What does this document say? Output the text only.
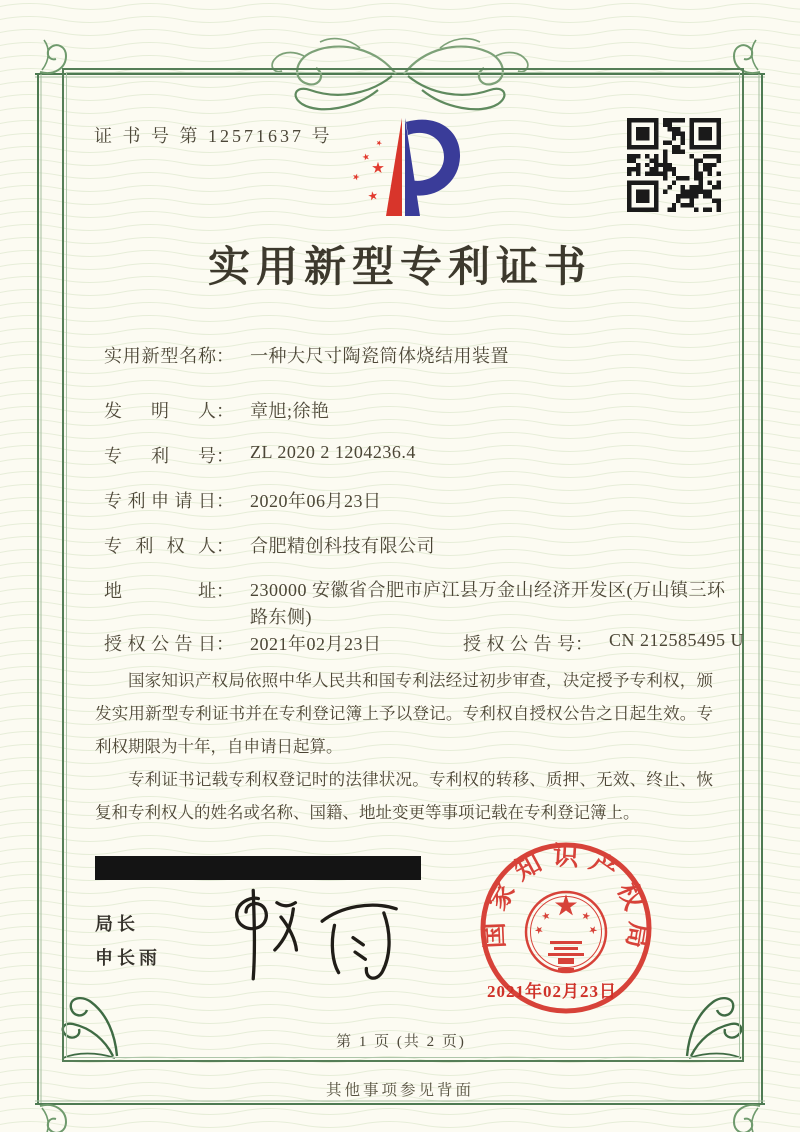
证 书 号 第 12571637 号
实用新型专利证书
实用新型名称 ： 一种大尺寸陶瓷筒体烧结用装置
发明人 ： 章旭;徐艳
专利号 ： ZL 2020 2 1204236.4
专利申请日 ： 2020年06月23日
专利权人 ： 合肥精创科技有限公司
地址 ： 230000 安徽省合肥市庐江县万金山经济开发区(万山镇三环路东侧)
授权公告日 ： 2021年02月23日	授权公告号 ： CN 212585495 U

国家知识产权局依照中华人民共和国专利法经过初步审查，决定授予专利权，颁发实用新型专利证书并在专利登记簿上予以登记。专利权自授权公告之日起生效。专利权期限为十年，自申请日起算。

专利证书记载专利权登记时的法律状况。专利权的转移、质押、无效、终止、恢复和专利权人的姓名或名称、国籍、地址变更等事项记载在专利登记簿上。

局长
申长雨
国家知识产权局
2021年02月23日
第 1 页 (共 2 页)
其他事项参见背面
